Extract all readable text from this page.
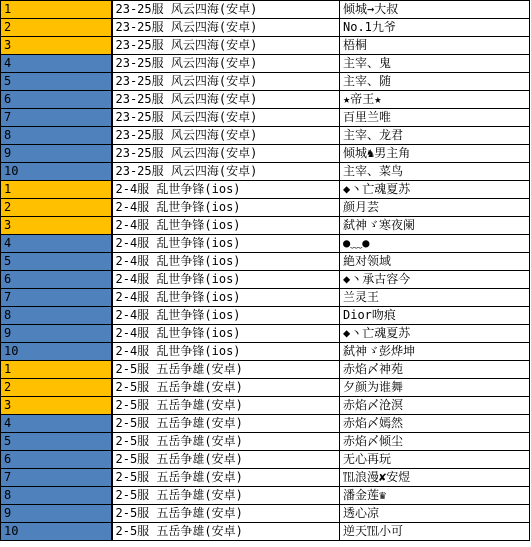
1	23-25服 风云四海(安卓)	倾城→大叔
2	23-25服 风云四海(安卓)	No.1九爷
3	23-25服 风云四海(安卓)	梧桐
4	23-25服 风云四海(安卓)	主宰、鬼
5	23-25服 风云四海(安卓)	主宰、随
6	23-25服 风云四海(安卓)	★帝王★
7	23-25服 风云四海(安卓)	百里兰唯
8	23-25服 风云四海(安卓)	主宰、龙君
9	23-25服 风云四海(安卓)	倾城♞男主角
10	23-25服 风云四海(安卓)	主宰、菜鸟
1	2-4服 乱世争锋(ios)	◆丶亡魂夏苏
2	2-4服 乱世争锋(ios)	颜月芸
3	2-4服 乱世争锋(ios)	弑神ゞ寒夜阑
4	2-4服 乱世争锋(ios)	●﹏●
5	2-4服 乱世争锋(ios)	絶对领域
6	2-4服 乱世争锋(ios)	◆丶承古容今
7	2-4服 乱世争锋(ios)	兰灵王
8	2-4服 乱世争锋(ios)	Dior吻痕
9	2-4服 乱世争锋(ios)	◆丶亡魂夏苏
10	2-4服 乱世争锋(ios)	弑神ゞ彭烨坤
1	2-5服 五岳争雄(安卓)	赤焰〆神苑
2	2-5服 五岳争雄(安卓)	夕颜为谁舞
3	2-5服 五岳争雄(安卓)	赤焰〆沧溟
4	2-5服 五岳争雄(安卓)	赤焰〆嫣然
5	2-5服 五岳争雄(安卓)	赤焰〆倾尘
6	2-5服 五岳争雄(安卓)	无心再玩
7	2-5服 五岳争雄(安卓)	℡浪漫✘安煜
8	2-5服 五岳争雄(安卓)	潘金莲♛
9	2-5服 五岳争雄(安卓)	透心凉
10	2-5服 五岳争雄(安卓)	逆天℡小可
